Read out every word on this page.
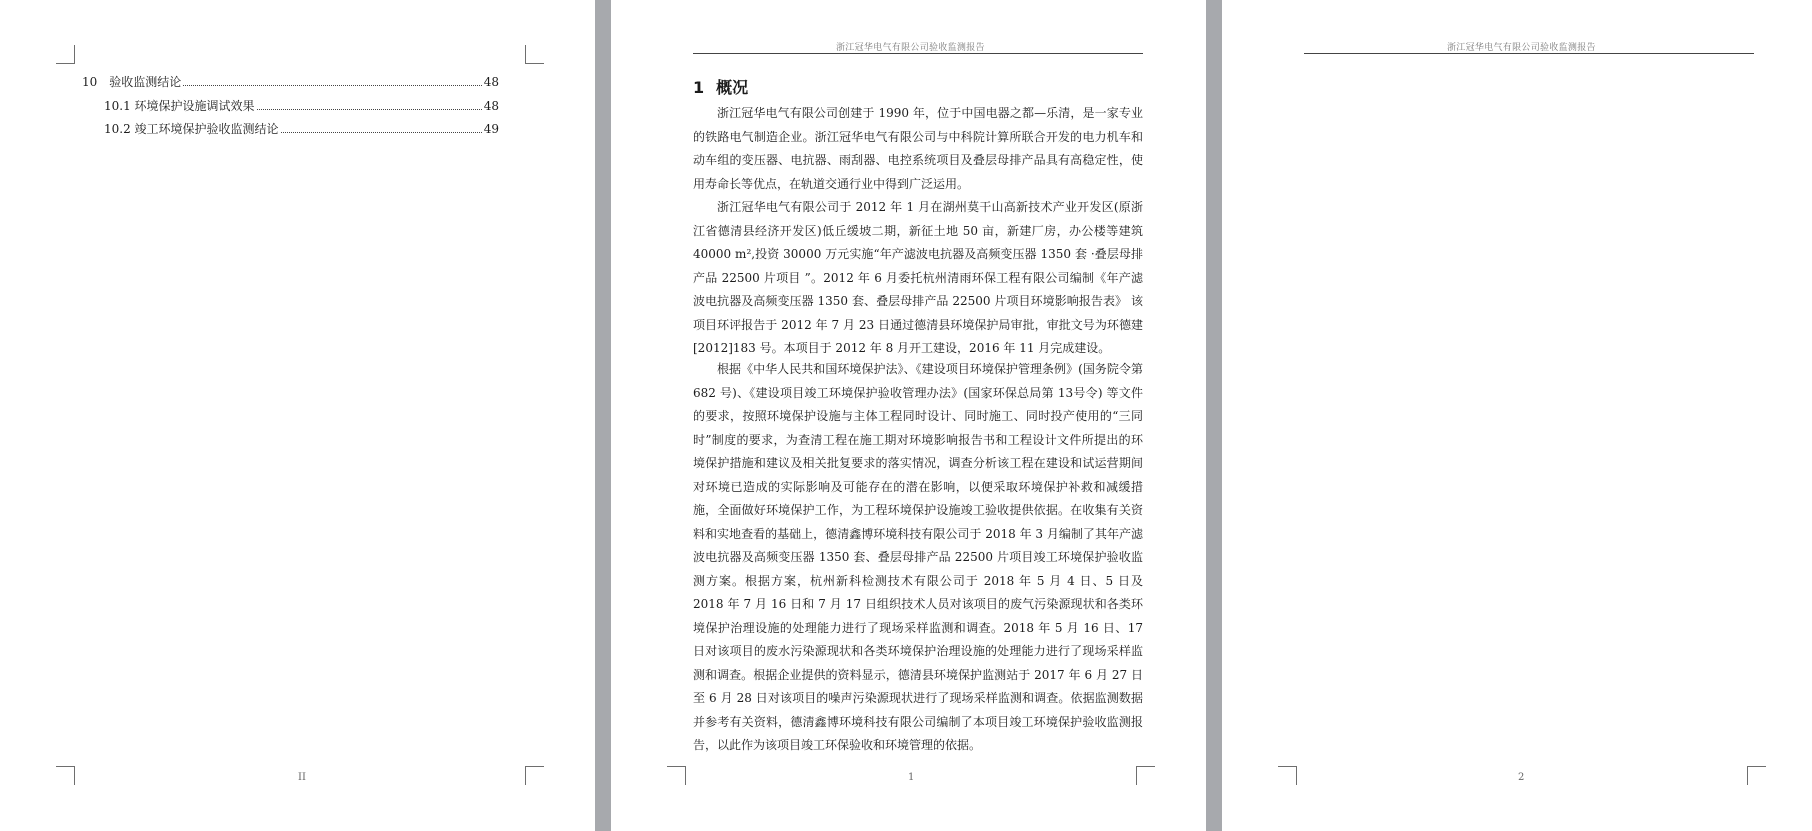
10 验收监测结论	48
10.1 环境保护设施调试效果	48
10.2 竣工环境保护验收监测结论	49
II
浙江冠华电气有限公司验收监测报告
1 概况

浙江冠华电气有限公司创建于 1990 年，位于中国电器之都—乐清，是一家专业的铁路电气制造企业。浙江冠华电气有限公司与中科院计算所联合开发的电力机车和动车组的变压器、电抗器、雨刮器、电控系统项目及叠层母排产品具有高稳定性，使用寿命长等优点，在轨道交通行业中得到广泛运用。

浙江冠华电气有限公司于 2012 年 1 月在湖州莫干山高新技术产业开发区(原浙江省德清县经济开发区)低丘缓坡二期，新征土地 50 亩，新建厂房，办公楼等建筑 40000 m²,投资 30000 万元实施“年产滤波电抗器及高频变压器 1350 套 ·叠层母排产品 22500 片项目 ”。2012 年 6 月委托杭州清雨环保工程有限公司编制《年产滤波电抗器及高频变压器 1350 套、叠层母排产品 22500 片项目环境影响报告表》 该项目环评报告于 2012 年 7 月 23 日通过德清县环境保护局审批，审批文号为环德建[2012]183 号。本项目于 2012 年 8 月开工建设，2016 年 11 月完成建设。

根据《中华人民共和国环境保护法》、《建设项目环境保护管理条例》(国务院令第 682 号)、《建设项目竣工环境保护验收管理办法》(国家环保总局第 13号令) 等文件的要求，按照环境保护设施与主体工程同时设计、同时施工、同时投产使用的“三同时”制度的要求，为查清工程在施工期对环境影响报告书和工程设计文件所提出的环境保护措施和建议及相关批复要求的落实情况，调查分析该工程在建设和试运营期间对环境已造成的实际影响及可能存在的潜在影响，以便采取环境保护补救和减缓措施，全面做好环境保护工作，为工程环境保护设施竣工验收提供依据。在收集有关资料和实地查看的基础上，德清鑫博环境科技有限公司于 2018 年 3 月编制了其年产滤波电抗器及高频变压器 1350 套、叠层母排产品 22500 片项目竣工环境保护验收监测方案。根据方案，杭州新科检测技术有限公司于 2018 年 5 月 4 日、5 日及 2018 年 7 月 16 日和 7 月 17 日组织技术人员对该项目的废气污染源现状和各类环境保护治理设施的处理能力进行了现场采样监测和调查。2018 年 5 月 16 日、17 日对该项目的废水污染源现状和各类环境保护治理设施的处理能力进行了现场采样监测和调查。根据企业提供的资料显示，德清县环境保护监测站于 2017 年 6 月 27 日至 6 月 28 日对该项目的噪声污染源现状进行了现场采样监测和调查。依据监测数据并参考有关资料，德清鑫博环境科技有限公司编制了本项目竣工环境保护验收监测报告，以此作为该项目竣工环保验收和环境管理的依据。

1
浙江冠华电气有限公司验收监测报告
2
